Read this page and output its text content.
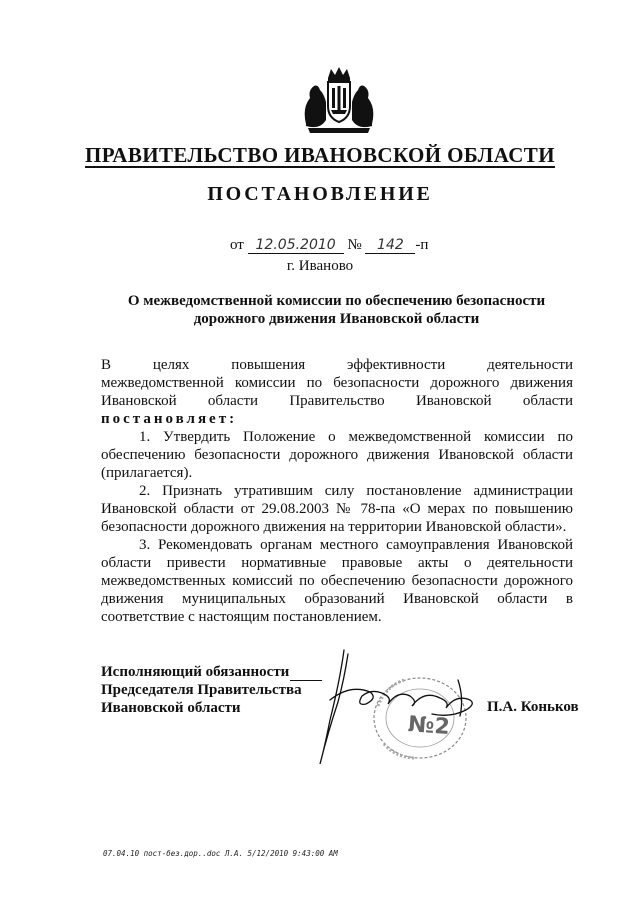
ПРАВИТЕЛЬСТВО ИВАНОВСКОЙ ОБЛАСТИ
ПОСТАНОВЛЕНИЕ
от 12.05.2010 № 142 -п
г. Иваново
О межведомственной комиссии по обеспечению безопасности
дорожного движения Ивановской области
В целях повышения эффективности деятельности
межведомственной комиссии по безопасности дорожного движения
Ивановской области Правительство Ивановской области
постановляет:
1. Утвердить Положение о межведомственной комиссии по
обеспечению безопасности дорожного движения Ивановской области
(прилагается).
2. Признать утратившим силу постановление администрации
Ивановской области от 29.08.2003 № 78-па «О мерах по повышению
безопасности дорожного движения на территории Ивановской области».
3. Рекомендовать органам местного самоуправления Ивановской
области привести нормативные правовые акты о деятельности
межведомственных комиссий по обеспечению безопасности дорожного
движения муниципальных образований Ивановской области в
соответствие с настоящим постановлением.
№2
Исполняющий обязанности
Председателя Правительства
Ивановской области	П.А. Коньков
07.04.10 пост-без.дор..doc Л.А. 5/12/2010 9:43:00 AM
